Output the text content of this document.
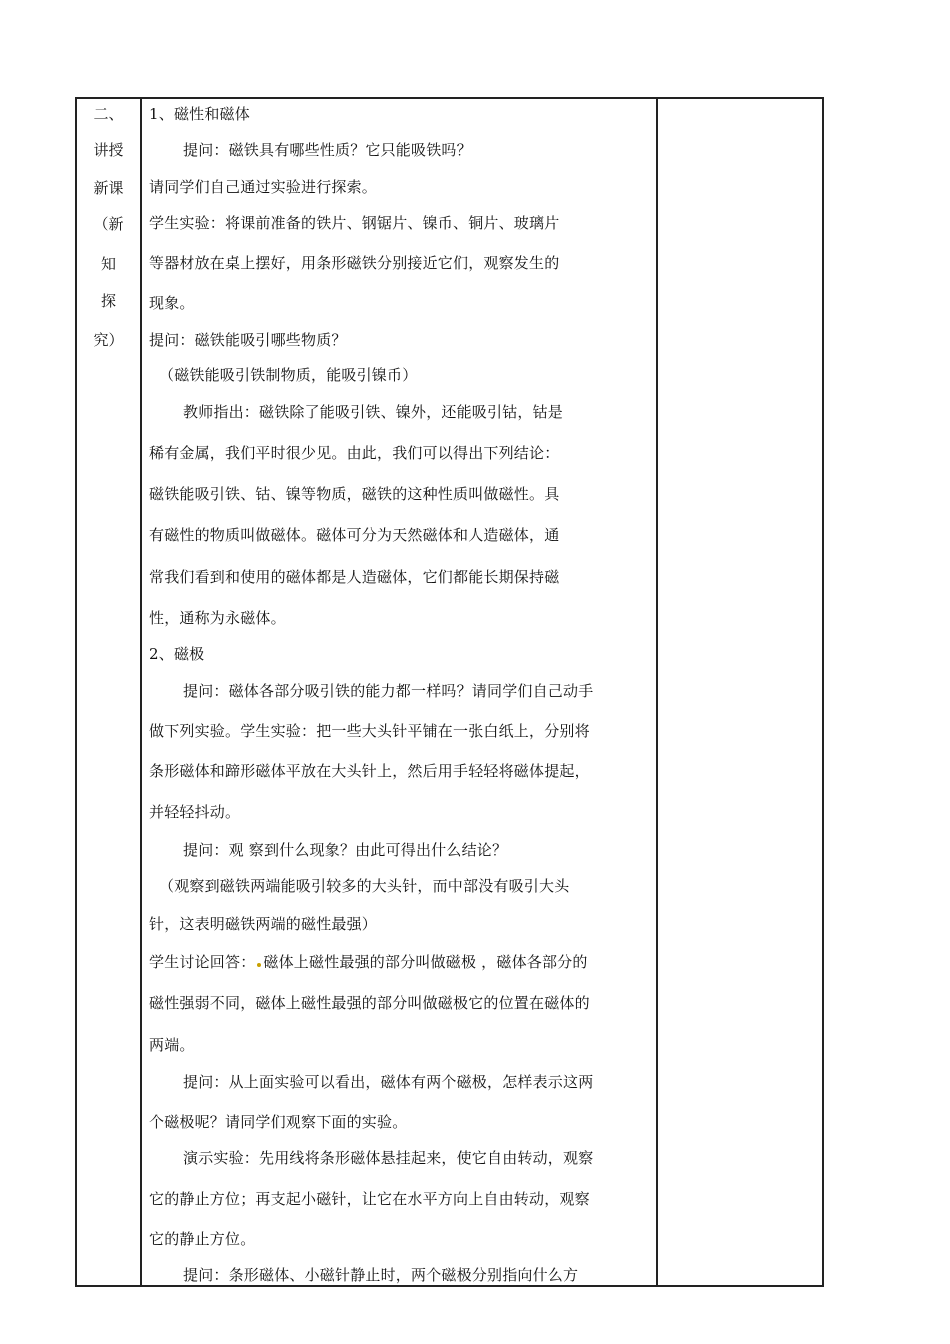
二、
讲授
新课
（新
知
探
究）
1、磁性和磁体
提问：磁铁具有哪些性质？它只能吸铁吗？
请同学们自己通过实验进行探索。
学生实验：将课前准备的铁片、钢锯片、镍币、铜片、玻璃片
等器材放在桌上摆好，用条形磁铁分别接近它们，观察发生的
现象。
提问：磁铁能吸引哪些物质？
（磁铁能吸引铁制物质，能吸引镍币）
教师指出：磁铁除了能吸引铁、镍外，还能吸引钴，钴是
稀有金属，我们平时很少见。由此，我们可以得出下列结论：
磁铁能吸引铁、钴、镍等物质，磁铁的这种性质叫做磁性。具
有磁性的物质叫做磁体。磁体可分为天然磁体和人造磁体，通
常我们看到和使用的磁体都是人造磁体，它们都能长期保持磁
性，通称为永磁体。
2、磁极
提问：磁体各部分吸引铁的能力都一样吗？请同学们自己动手
做下列实验。学生实验：把一些大头针平铺在一张白纸上，分别将
条形磁体和蹄形磁体平放在大头针上，然后用手轻轻将磁体提起，
并轻轻抖动。
提问：观 察到什么现象？由此可得出什么结论？
（观察到磁铁两端能吸引较多的大头针，而中部没有吸引大头
针，这表明磁铁两端的磁性最强）
学生讨论回答： 磁体上磁性最强的部分叫做磁极 ，磁体各部分的
磁性强弱不同，磁体上磁性最强的部分叫做磁极它的位置在磁体的
两端。
提问：从上面实验可以看出，磁体有两个磁极，怎样表示这两
个磁极呢？请同学们观察下面的实验。
演示实验：先用线将条形磁体悬挂起来，使它自由转动，观察
它的静止方位；再支起小磁针，让它在水平方向上自由转动，观察
它的静止方位。
提问：条形磁体、小磁针静止时，两个磁极分别指向什么方
